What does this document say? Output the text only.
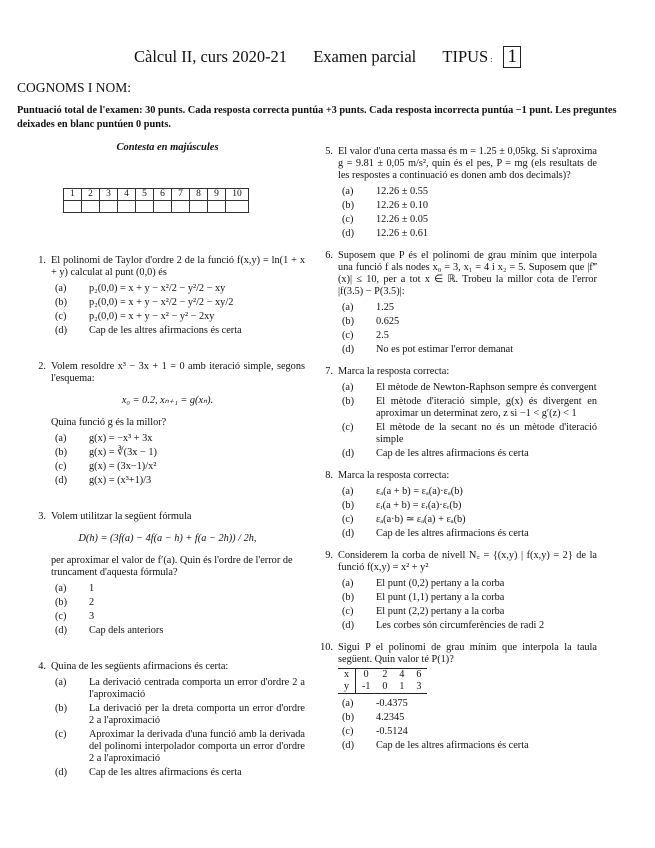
Càlcul II, curs 2020-21 Examen parcial TIPUS : 1
COGNOMS I NOM:
Puntuació total de l'examen: 30 punts. Cada resposta correcta puntúa +3 punts. Cada resposta incorrecta puntúa −1 punt. Les preguntes deixades en blanc puntúen 0 punts.
Contesta en majúscules
1	2	3	4	5	6	7	8	9	10

1. El polinomi de Taylor d'ordre 2 de la funció f(x,y) = ln(1 + x + y) calculat al punt (0,0) és
(a)	p₂(0,0) = x + y − x²/2 − y²/2 − xy
(b)	p₂(0,0) = x + y − x²/2 − y²/2 − xy/2
(c)	p₂(0,0) = x + y − x² − y² − 2xy
(d)	Cap de les altres afirmacions és certa
2. Volem resoldre x³ − 3x + 1 = 0 amb iteració simple, segons l'esquema:
x₀ = 0.2, xₙ₊₁ = g(xₙ).
Quina funció g és la millor?
(a)	g(x) = −x³ + 3x
(b)	g(x) = ∛(3x − 1)
(c)	g(x) = (3x−1)/x²
(d)	g(x) = (x³+1)/3
3. Volem utilitzar la següent fórmula
D(h) = (3f(a) − 4f(a − h) + f(a − 2h)) / 2h,
per aproximar el valor de f′(a). Quin és l'ordre de l'error de truncament d'aquesta fórmula?
(a)	1
(b)	2
(c)	3
(d)	Cap dels anteriors
4. Quina de les següents afirmacions és certa:
(a)	La derivació centrada comporta un error d'ordre 2 a l'aproximació
(b)	La derivació per la dreta comporta un error d'ordre 2 a l'aproximació
(c)	Aproximar la derivada d'una funció amb la derivada del polinomi interpolador comporta un error d'ordre 2 a l'aproximació
(d)	Cap de les altres afirmacions és certa
5. El valor d'una certa massa és m = 1.25 ± 0,05kg. Si s'aproxima g = 9.81 ± 0,05 m/s², quin és el pes, P = mg (els resultats de les respostes a continuació es donen amb dos decimals)?
(a)	12.26 ± 0.55
(b)	12.26 ± 0.10
(c)	12.26 ± 0.05
(d)	12.26 ± 0.61
6. Suposem que P és el polinomi de grau mínim que interpola una funció f als nodes x₀ = 3, x₁ = 4 i x₂ = 5. Suposem que |f‴(x)| ≤ 10, per a tot x ∈ ℝ. Trobeu la millor cota de l'error |f(3.5) − P(3.5)|:
(a)	1.25
(b)	0.625
(c)	2.5
(d)	No es pot estimar l'error demanat
7. Marca la resposta correcta:
(a)	El mètode de Newton-Raphson sempre és convergent
(b)	El mètode d'iteració simple, g(x) és divergent en aproximar un determinat zero, z si −1 < g′(z) < 1
(c)	El mètode de la secant no és un mètode d'iteració simple
(d)	Cap de les altres afirmacions és certa
8. Marca la resposta correcta:
(a)	εₐ(a + b) = εₐ(a)·εₐ(b)
(b)	εᵣ(a + b) = εᵣ(a)·εᵣ(b)
(c)	εₐ(a·b) ≃ εₐ(a) + εₐ(b)
(d)	Cap de les altres afirmacions és certa
9. Considerem la corba de nivell N꜀ = {(x,y) | f(x,y) = 2} de la funció f(x,y) = x² + y²
(a)	El punt (0,2) pertany a la corba
(b)	El punt (1,1) pertany a la corba
(c)	El punt (2,2) pertany a la corba
(d)	Les corbes són circumferències de radi 2
10. Sigui P el polinomi de grau mínim que interpola la taula següent. Quin valor té P(1)?
x	0	2	4	6
y	-1	0	1	3
(a)	-0.4375
(b)	4.2345
(c)	-0.5124
(d)	Cap de les altres afirmacions és certa
